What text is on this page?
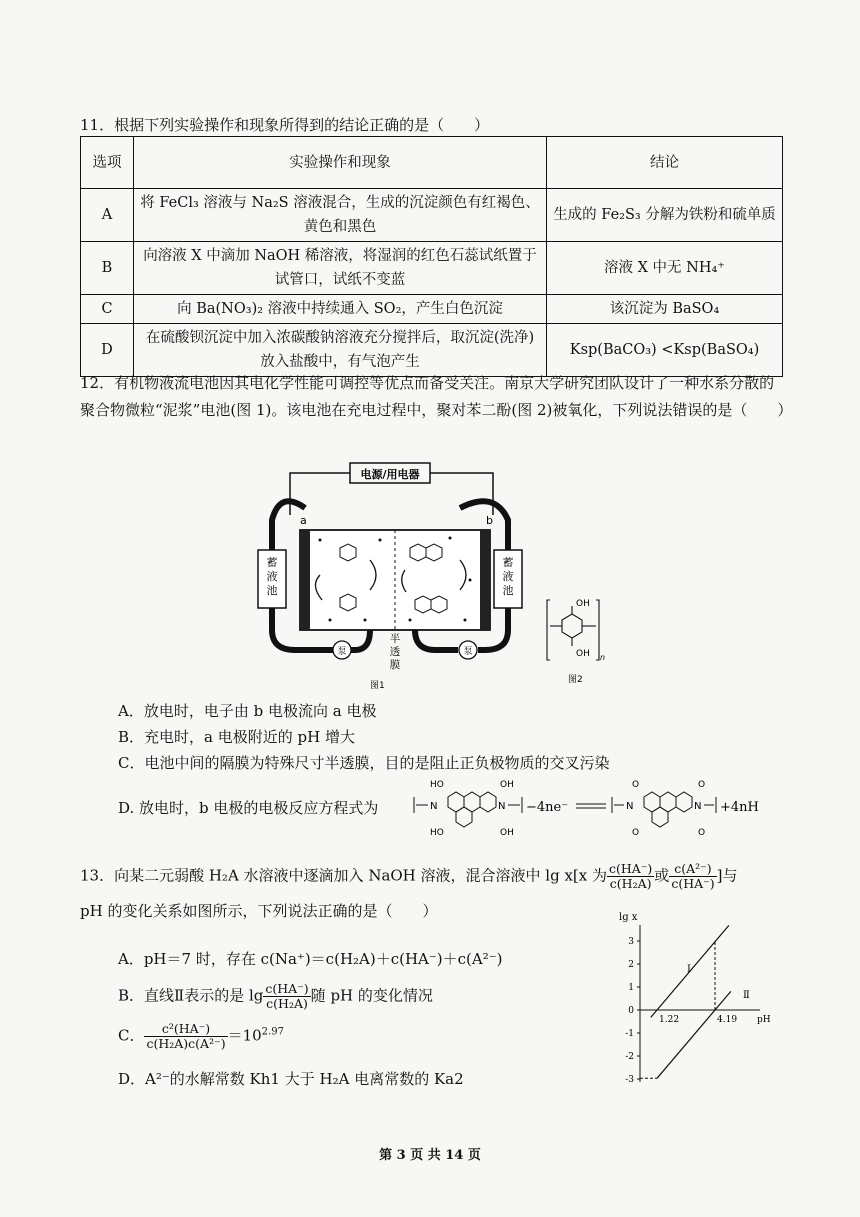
11．根据下列实验操作和现象所得到的结论正确的是（　　）
选项	实验操作和现象	结论
A	将 FeCl₃ 溶液与 Na₂S 溶液混合，生成的沉淀颜色有红褐色、黄色和黑色	生成的 Fe₂S₃ 分解为铁粉和硫单质
B	向溶液 X 中滴加 NaOH 稀溶液，将湿润的红色石蕊试纸置于试管口，试纸不变蓝	溶液 X 中无 NH₄⁺
C	向 Ba(NO₃)₂ 溶液中持续通入 SO₂，产生白色沉淀	该沉淀为 BaSO₄
D	在硫酸钡沉淀中加入浓碳酸钠溶液充分搅拌后，取沉淀(洗净)放入盐酸中，有气泡产生	Ksp(BaCO₃) <Ksp(BaSO₄)
12．有机物液流电池因其电化学性能可调控等优点而备受关注。南京大学研究团队设计了一种水系分散的聚合物微粒“泥浆”电池(图 1)。该电池在充电过程中，聚对苯二酚(图 2)被氧化，下列说法错误的是（　　）
电源/用电器
蓄液池
蓄液池
泵	泵
a	b
半透膜
图1
OH
OH n
图2
A．放电时，电子由 b 电极流向 a 电极
B．充电时，a 电极附近的 pH 增大
C．电池中间的隔膜为特殊尺寸半透膜，目的是阻止正负极物质的交叉污染
D. 放电时，b 电极的电极反应方程式为	N	N
HO	OH
HO	OH
−4ne⁻	N	N
O	O
O	O
+4nH
13．向某二元弱酸 H₂A 水溶液中逐滴加入 NaOH 溶液，混合溶液中 lg x[x 为 $\frac{c(HA^-)}{\text{c(H₂A)}}$ 或 $\frac{\text{c(A²⁻)}}{c(HA^-)}$ ]与
pH 的变化关系如图所示，下列说法正确的是（　　）
A．pH＝7 时，存在 c(Na⁺)＝c(H₂A)＋c(HA⁻)＋c(A²⁻)
B．直线Ⅱ表示的是 $\lg \frac{c(HA^-)}{\text{c(H₂A)}}$ 随 pH 的变化情况
C． $\frac{\text{c²(HA⁻)}}{\text{c(H₂A)c(A²⁻)}} =10^{2.97}$
D．A²⁻的水解常数 Kh1 大于 H₂A 电离常数的 Ka2
lg x
pH
3
2
1
0
-1
-2
-3
1.22	4.19
Ⅰ
Ⅱ
第 3 页 共 14 页
